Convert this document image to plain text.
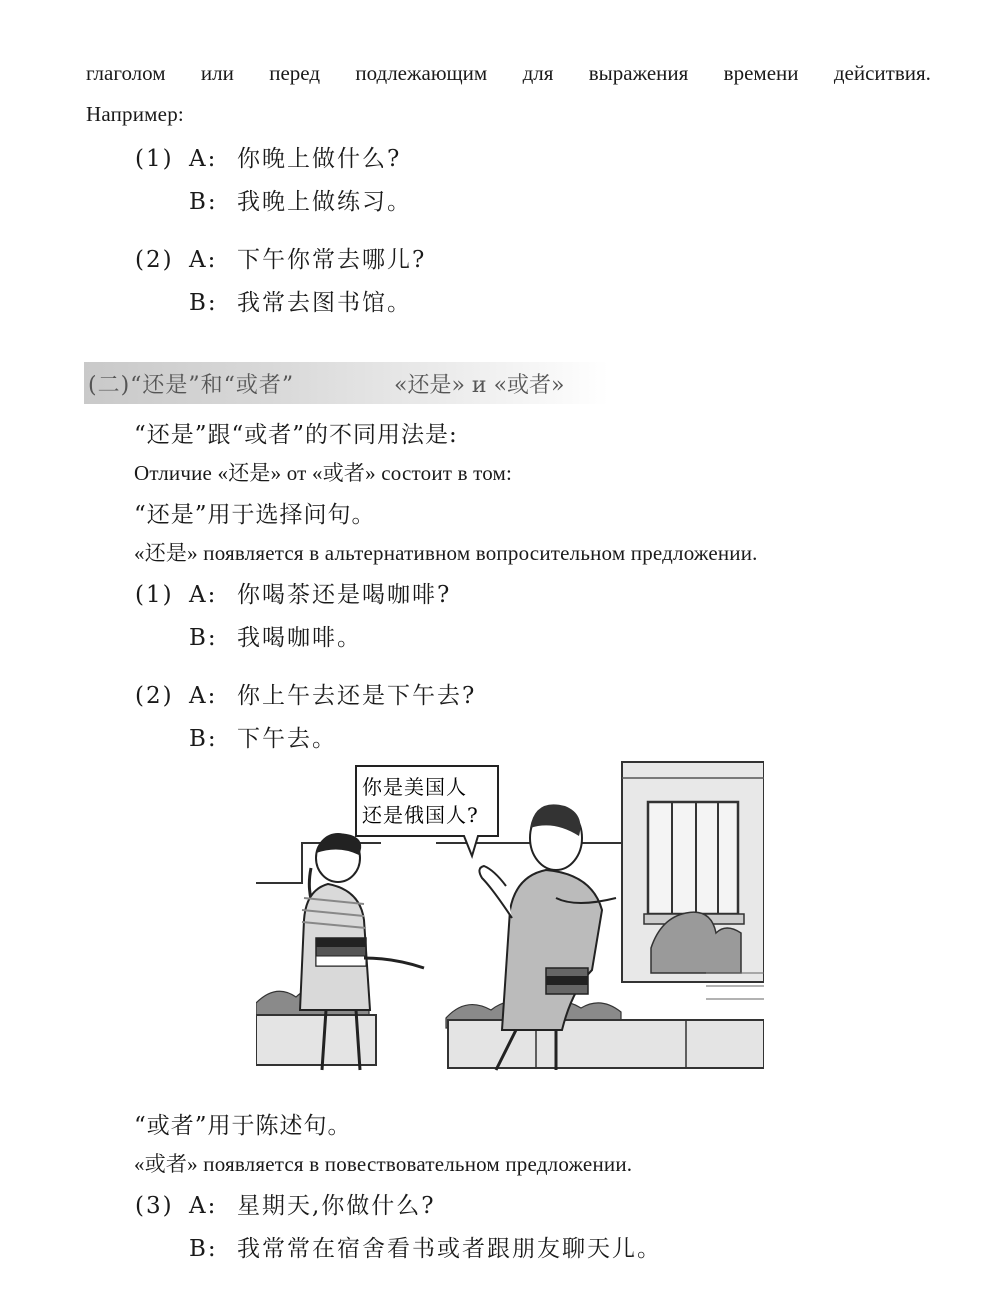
глаголом или перед подлежающим для выражения времени дейситвия.
Например:
(1) A: 你晚上做什么?
B: 我晚上做练习。
(2) A: 下午你常去哪儿?
B: 我常去图书馆。
(二)“还是”和“或者”	«还是» и «或者»
“还是”跟“或者”的不同用法是:
Отличие «还是» от «或者» состоит в том:
“还是”用于选择问句。
«还是» появляется в альтернативном вопросительном предложении.
(1) A: 你喝茶还是喝咖啡?
B: 我喝咖啡。
(2) A: 你上午去还是下午去?
B: 下午去。
你是美国人
还是俄国人?
“或者”用于陈述句。
«或者» появляется в повествовательном предложении.
(3) A: 星期天,你做什么?
B: 我常常在宿舍看书或者跟朋友聊天儿。
